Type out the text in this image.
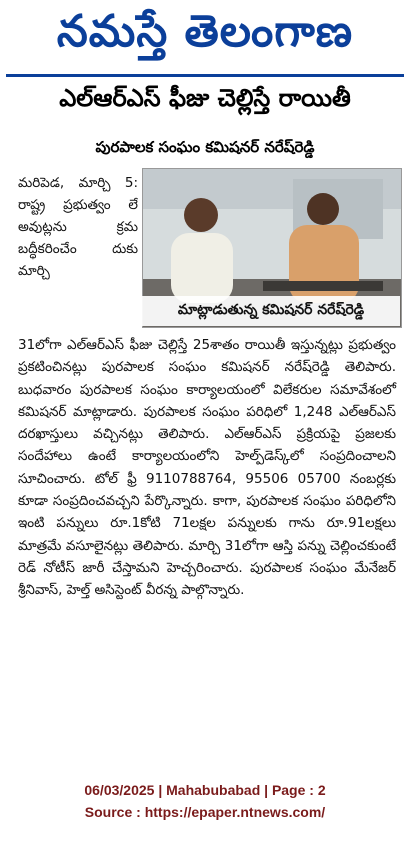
నమస్తే తెలంగాణ
ఎల్ఆర్ఎస్ ఫీజు చెల్లిస్తే రాయితీ
పురపాలక సంఘం కమిషనర్ నరేష్‌రెడ్డి

మరిపెడ, మార్చి 5: రాష్ట్ర ప్రభుత్వం లే అవుట్లను క్రమ బద్ధీకరించేం దుకు మార్చి

మాట్లాడుతున్న కమిషనర్ నరేష్‌రెడ్డి

31లోగా ఎల్ఆర్ఎస్ ఫీజు చెల్లిస్తే 25శాతం రాయితీ ఇస్తున్నట్లు ప్రభుత్వం ప్రకటించినట్లు పురపాలక సంఘం కమిషనర్ నరేష్‌రెడ్డి తెలిపారు. బుధవారం పురపాలక సంఘం కార్యాలయంలో విలేకరుల సమావేశంలో కమిషనర్ మాట్లాడారు. పురపాలక సంఘం పరిధిలో 1,248 ఎల్ఆర్ఎస్ దరఖాస్తులు వచ్చినట్లు తెలిపారు. ఎల్ఆర్ఎస్ ప్రక్రియపై ప్రజలకు సందేహాలు ఉంటే కార్యాలయంలోని హెల్ప్‌డెస్క్‌లో సంప్రదించాలని సూచించారు. టోల్ ఫ్రీ 9110788764, 95506 05700 నంబర్లకు కూడా సంప్రదించవచ్చని పేర్కొన్నారు. కాగా, పురపాలక సంఘం పరిధిలోని ఇంటి పన్నులు రూ.1కోటి 71లక్షల పన్నులకు గాను రూ.91లక్షలు మాత్రమే వసూలైనట్లు తెలిపారు. మార్చి 31లోగా ఆస్తి పన్ను చెల్లించకుంటే రెడ్ నోటీస్ జారీ చేస్తామని హెచ్చరించారు. పురపాలక సంఘం మేనేజర్ శ్రీనివాస్, హెల్త్ అసిస్టెంట్ వీరన్న పాల్గొన్నారు.

06/03/2025 | Mahabubabad | Page : 2
Source : https://epaper.ntnews.com/
